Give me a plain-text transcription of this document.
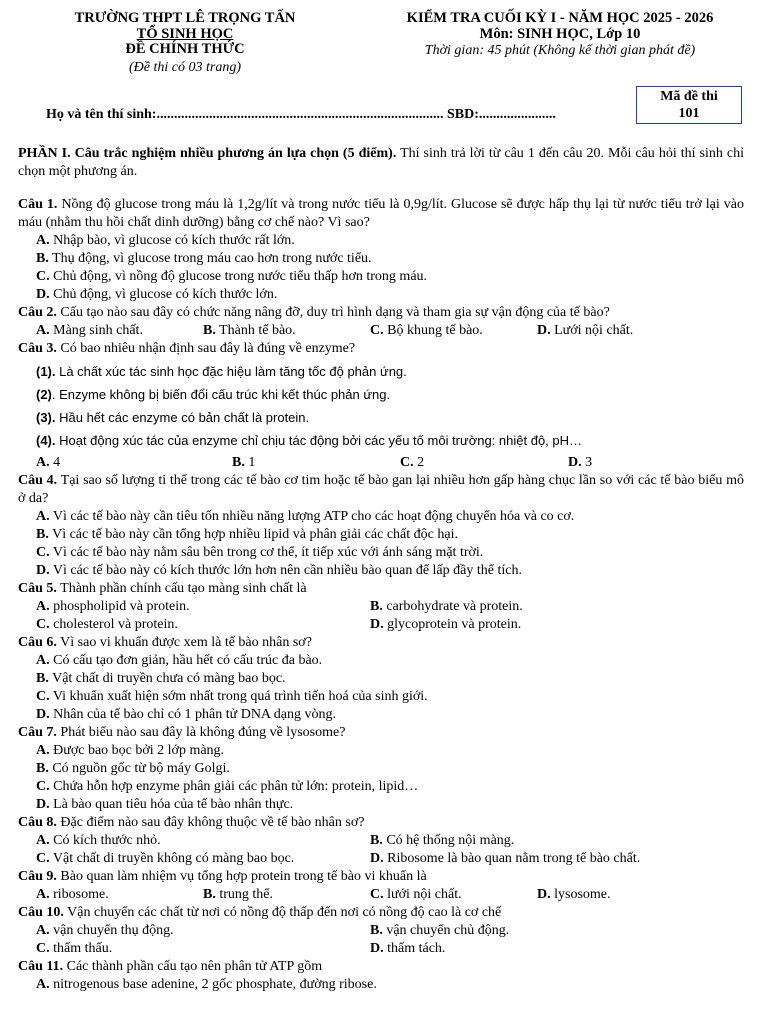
TRƯỜNG THPT LÊ TRỌNG TẤN
TỔ SINH HỌC
ĐỀ CHÍNH THỨC
(Đề thi có 03 trang)
KIỂM TRA CUỐI KỲ I - NĂM HỌC 2025 - 2026
Môn: SINH HỌC, Lớp 10
Thời gian: 45 phút (Không kể thời gian phát đề)
Mã đề thi
101
Họ và tên thí sinh:.................................................................................. SBD:......................
PHẦN I. Câu trắc nghiệm nhiều phương án lựa chọn (5 điểm). Thí sinh trả lời từ câu 1 đến câu 20. Mỗi câu hỏi thí sinh chỉ chọn một phương án.
Câu 1. Nồng độ glucose trong máu là 1,2g/lít và trong nước tiểu là 0,9g/lít. Glucose sẽ được hấp thụ lại từ nước tiểu trở lại vào máu (nhằm thu hồi chất dinh dưỡng) bằng cơ chế nào? Vì sao?
A. Nhập bào, vì glucose có kích thước rất lớn.
B. Thụ động, vì glucose trong máu cao hơn trong nước tiểu.
C. Chủ động, vì nồng độ glucose trong nước tiểu thấp hơn trong máu.
D. Chủ động, vì glucose có kích thước lớn.
Câu 2. Cấu tạo nào sau đây có chức năng nâng đỡ, duy trì hình dạng và tham gia sự vận động của tế bào?
A. Màng sinh chất.	B. Thành tế bào.	C. Bộ khung tế bào.	D. Lưới nội chất.
Câu 3. Có bao nhiêu nhận định sau đây là đúng về enzyme?
(1). Là chất xúc tác sinh học đặc hiệu làm tăng tốc độ phản ứng.
(2). Enzyme không bị biến đổi cấu trúc khi kết thúc phản ứng.
(3). Hầu hết các enzyme có bản chất là protein.
(4). Hoạt động xúc tác của enzyme chỉ chịu tác động bởi các yếu tố môi trường: nhiệt độ, pH…
A. 4	B. 1	C. 2	D. 3
Câu 4. Tại sao số lượng ti thể trong các tế bào cơ tim hoặc tế bào gan lại nhiều hơn gấp hàng chục lần so với các tế bào biểu mô ở da?
A. Vì các tế bào này cần tiêu tốn nhiều năng lượng ATP cho các hoạt động chuyển hóa và co cơ.
B. Vì các tế bào này cần tổng hợp nhiều lipid và phân giải các chất độc hại.
C. Vì các tế bào này nằm sâu bên trong cơ thể, ít tiếp xúc với ánh sáng mặt trời.
D. Vì các tế bào này có kích thước lớn hơn nên cần nhiều bào quan để lấp đầy thể tích.
Câu 5. Thành phần chính cấu tạo màng sinh chất là
A. phospholipid và protein.	B. carbohydrate và protein.
C. cholesterol và protein.	D. glycoprotein và protein.
Câu 6. Vì sao vi khuẩn được xem là tế bào nhân sơ?
A. Có cấu tạo đơn giản, hầu hết có cấu trúc đa bào.
B. Vật chất di truyền chưa có màng bao bọc.
C. Vi khuẩn xuất hiện sớm nhất trong quá trình tiến hoá của sinh giới.
D. Nhân của tế bào chỉ có 1 phân tử DNA dạng vòng.
Câu 7. Phát biểu nào sau đây là không đúng về lysosome?
A. Được bao bọc bởi 2 lớp màng.
B. Có nguồn gốc từ bộ máy Golgi.
C. Chứa hỗn hợp enzyme phân giải các phân tử lớn: protein, lipid…
D. Là bào quan tiêu hóa của tế bào nhân thực.
Câu 8. Đặc điểm nào sau đây không thuộc về tế bào nhân sơ?
A. Có kích thước nhỏ.	B. Có hệ thống nội màng.
C. Vật chất di truyền không có màng bao bọc.	D. Ribosome là bào quan nằm trong tế bào chất.
Câu 9. Bào quan làm nhiệm vụ tổng hợp protein trong tế bào vi khuẩn là
A. ribosome.	B. trung thể.	C. lưới nội chất.	D. lysosome.
Câu 10. Vận chuyển các chất từ nơi có nồng độ thấp đến nơi có nồng độ cao là cơ chế
A. vận chuyển thụ động.	B. vận chuyển chủ động.
C. thẩm thấu.	D. thẩm tách.
Câu 11. Các thành phần cấu tạo nên phân tử ATP gồm
A. nitrogenous base adenine, 2 gốc phosphate, đường ribose.
